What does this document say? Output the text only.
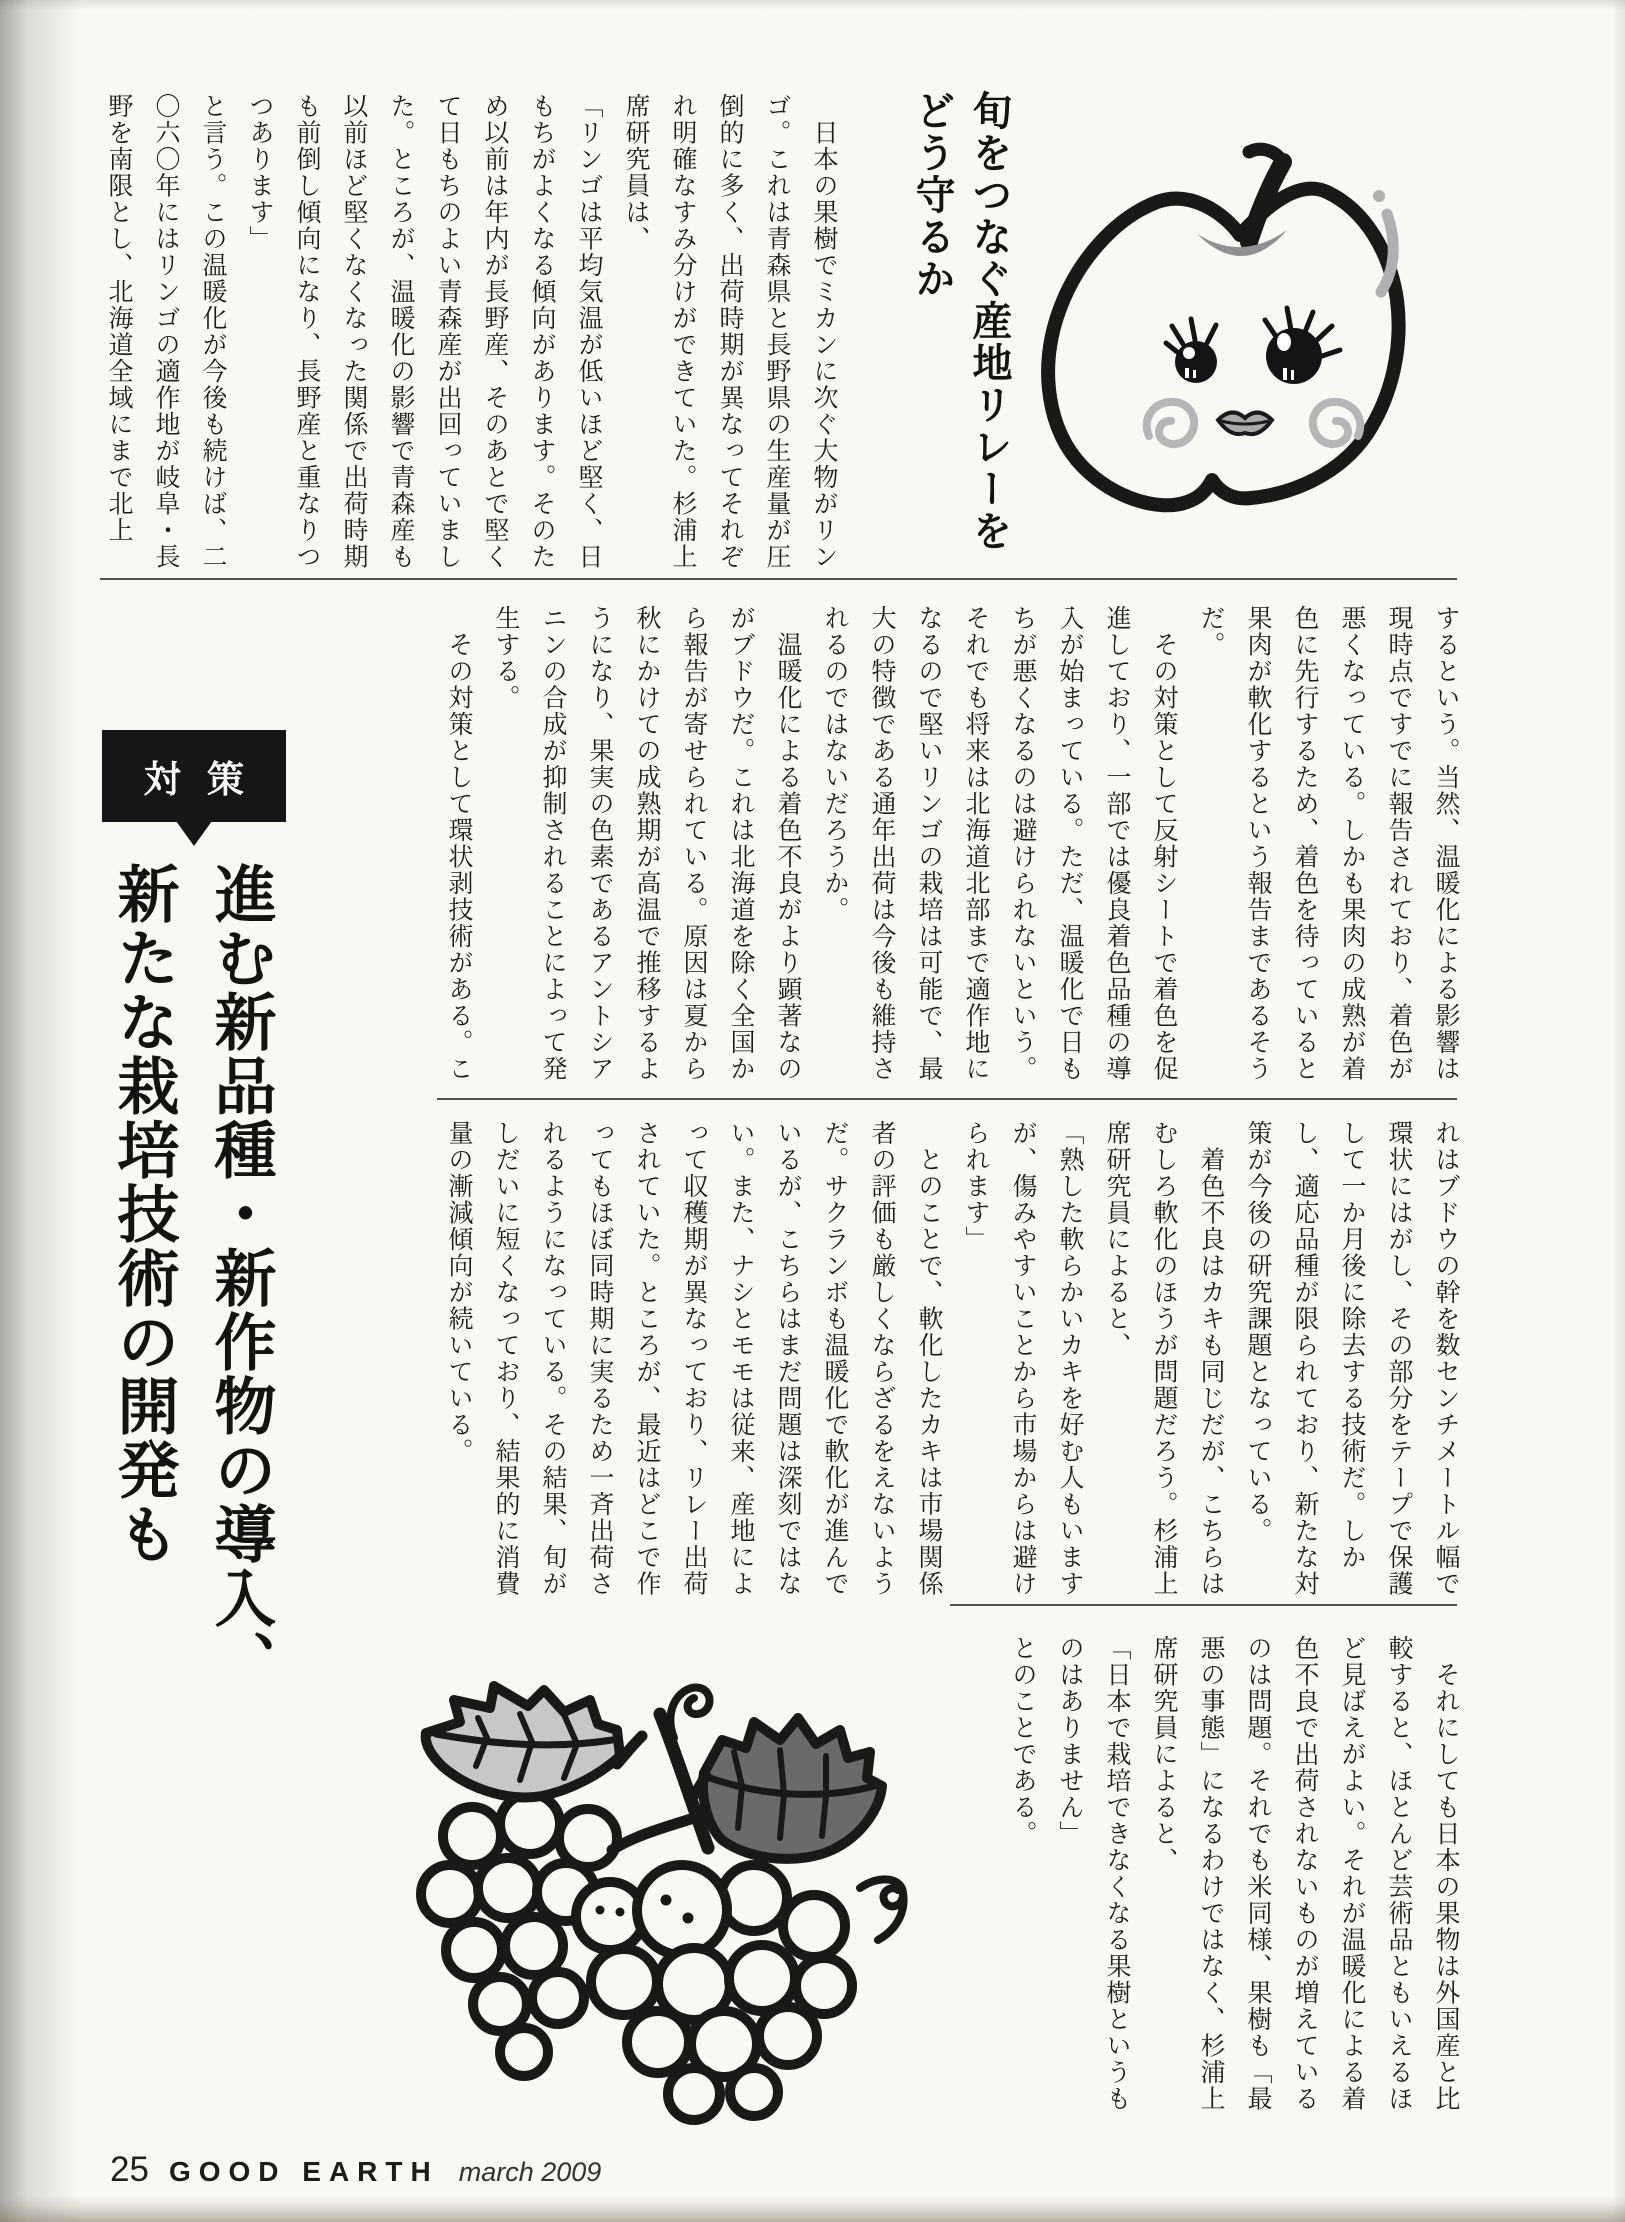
旬をつなぐ産地リレーを

どう守るか

　日本の果樹でミカンに次ぐ大物がリンゴ。これは青森県と長野県の生産量が圧倒的に多く、出荷時期が異なってそれぞれ明確なすみ分けができていた。杉浦上席研究員は、

「リンゴは平均気温が低いほど堅く、日もちがよくなる傾向があります。そのため以前は年内が長野産、そのあとで堅くて日もちのよい青森産が出回っていました。ところが、温暖化の影響で青森産も以前ほど堅くなくなった関係で出荷時期も前倒し傾向になり、長野産と重なりつつあります」

と言う。この温暖化が今後も続けば、二〇六〇年にはリンゴの適作地が岐阜・長野を南限とし、北海道全域にまで北上

するという。当然、温暖化による影響は現時点ですでに報告されており、着色が悪くなっている。しかも果肉の成熟が着色に先行するため、着色を待っていると果肉が軟化するという報告まであるそうだ。

　その対策として反射シートで着色を促進しており、一部では優良着色品種の導入が始まっている。ただ、温暖化で日もちが悪くなるのは避けられないという。それでも将来は北海道北部まで適作地になるので堅いリンゴの栽培は可能で、最大の特徴である通年出荷は今後も維持されるのではないだろうか。

　温暖化による着色不良がより顕著なのがブドウだ。これは北海道を除く全国から報告が寄せられている。原因は夏から秋にかけての成熟期が高温で推移するようになり、果実の色素であるアントシアニンの合成が抑制されることによって発生する。

　その対策として環状剥技術がある。こ

対策

進む新品種・新作物の導入、

新たな栽培技術の開発も	れはブドウの幹を数センチメートル幅で環状にはがし、その部分をテープで保護して一か月後に除去する技術だ。しかし、適応品種が限られており、新たな対策が今後の研究課題となっている。

　着色不良はカキも同じだが、こちらはむしろ軟化のほうが問題だろう。杉浦上席研究員によると、

「熟した軟らかいカキを好む人もいますが、傷みやすいことから市場からは避けられます」

　とのことで、軟化したカキは市場関係者の評価も厳しくならざるをえないようだ。サクランボも温暖化で軟化が進んでいるが、こちらはまだ問題は深刻ではない。また、ナシとモモは従来、産地によって収穫期が異なっており、リレー出荷されていた。ところが、最近はどこで作ってもほぼ同時期に実るため一斉出荷されるようになっている。その結果、旬がしだいに短くなっており、結果的に消費量の漸減傾向が続いている。

　それにしても日本の果物は外国産と比較すると、ほとんど芸術品ともいえるほど見ばえがよい。それが温暖化による着色不良で出荷されないものが増えているのは問題。それでも米同様、果樹も「最悪の事態」になるわけではなく、杉浦上席研究員によると、

「日本で栽培できなくなる果樹というものはありません」

とのことである。

25 GOOD EARTH march 2009
